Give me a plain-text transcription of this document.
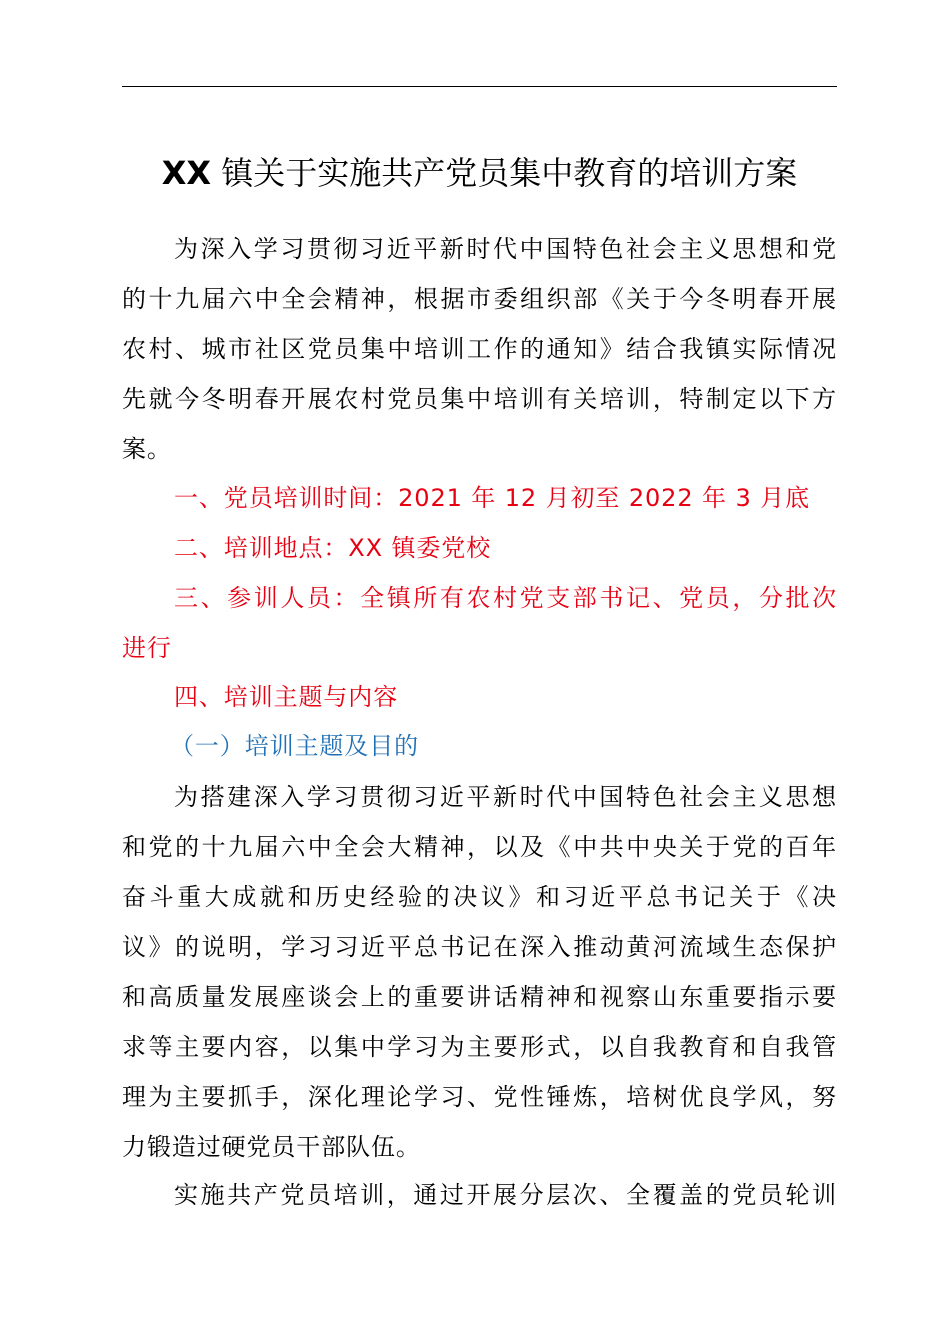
XX 镇关于实施共产党员集中教育的培训方案
为深入学习贯彻习近平新时代中国特色社会主义思想和党
的十九届六中全会精神，根据市委组织部《关于今冬明春开展
农村、城市社区党员集中培训工作的通知》结合我镇实际情况
先就今冬明春开展农村党员集中培训有关培训，特制定以下方
案。
一、党员培训时间：2021 年 12 月初至 2022 年 3 月底
二、培训地点：XX 镇委党校
三、参训人员：全镇所有农村党支部书记、党员，分批次
进行
四、培训主题与内容
（一）培训主题及目的
为搭建深入学习贯彻习近平新时代中国特色社会主义思想
和党的十九届六中全会大精神，以及《中共中央关于党的百年
奋斗重大成就和历史经验的决议》和习近平总书记关于《决
议》的说明，学习习近平总书记在深入推动黄河流域生态保护
和高质量发展座谈会上的重要讲话精神和视察山东重要指示要
求等主要内容，以集中学习为主要形式，以自我教育和自我管
理为主要抓手，深化理论学习、党性锤炼，培树优良学风，努
力锻造过硬党员干部队伍。
实施共产党员培训，通过开展分层次、全覆盖的党员轮训
